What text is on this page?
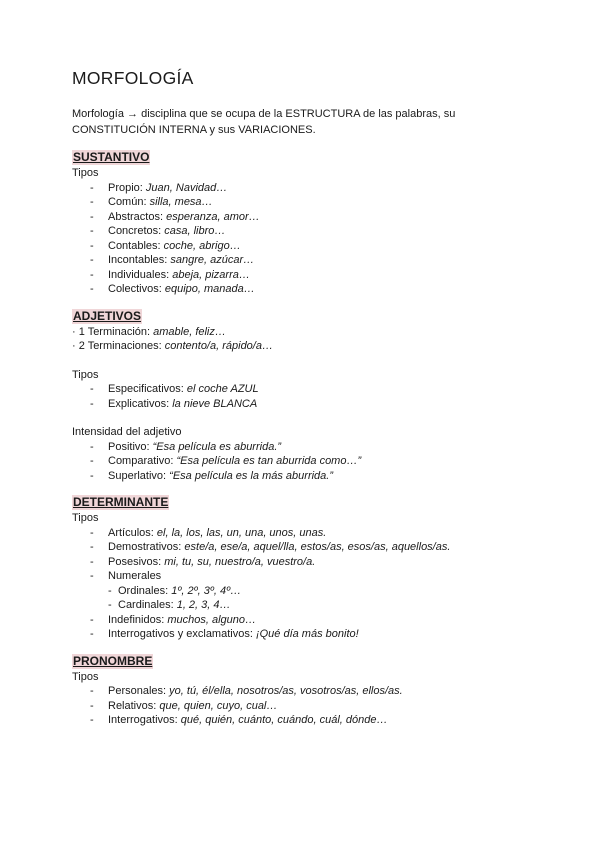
MORFOLOGÍA

Morfología → disciplina que se ocupa de la ESTRUCTURA de las palabras, su
CONSTITUCIÓN INTERNA y sus VARIACIONES.

SUSTANTIVO

Tipos

- Propio: Juan, Navidad…
- Común: silla, mesa…
- Abstractos: esperanza, amor…
- Concretos: casa, libro…
- Contables: coche, abrigo…
- Incontables: sangre, azúcar…
- Individuales: abeja, pizarra…
- Colectivos: equipo, manada…
ADJETIVOS

· 1 Terminación: amable, feliz…

· 2 Terminaciones: contento/a, rápido/a…

Tipos

- Especificativos: el coche AZUL
- Explicativos: la nieve BLANCA

Intensidad del adjetivo

- Positivo: “Esa película es aburrida.”
- Comparativo: “Esa película es tan aburrida como…”
- Superlativo: “Esa película es la más aburrida.”
DETERMINANTE

Tipos

- Artículos: el, la, los, las, un, una, unos, unas.
- Demostrativos: este/a, ese/a, aquel/lla, estos/as, esos/as, aquellos/as.
- Posesivos: mi, tu, su, nuestro/a, vuestro/a.
- Numerales
- Ordinales: 1º, 2º, 3º, 4º…
- Cardinales: 1, 2, 3, 4…
- Indefinidos: muchos, alguno…
- Interrogativos y exclamativos: ¡Qué día más bonito!
PRONOMBRE

Tipos

- Personales: yo, tú, él/ella, nosotros/as, vosotros/as, ellos/as.
- Relativos: que, quien, cuyo, cual…
- Interrogativos: qué, quién, cuánto, cuándo, cuál, dónde…
